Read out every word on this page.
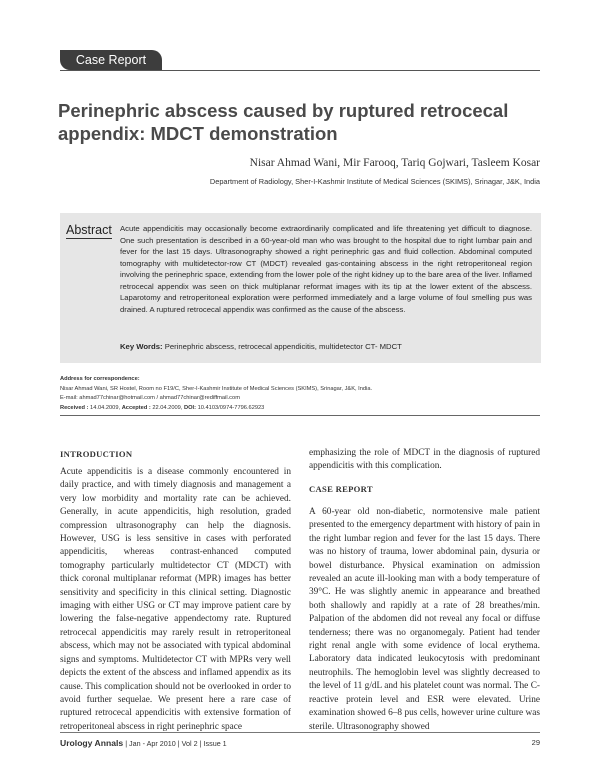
Case Report
Perinephric abscess caused by ruptured retrocecal appendix: MDCT demonstration
Nisar Ahmad Wani, Mir Farooq, Tariq Gojwari, Tasleem Kosar
Department of Radiology, Sher-I-Kashmir Institute of Medical Sciences (SKIMS), Srinagar, J&K, India
Abstract Acute appendicitis may occasionally become extraordinarily complicated and life threatening yet difficult to diagnose. One such presentation is described in a 60-year-old man who was brought to the hospital due to right lumbar pain and fever for the last 15 days. Ultrasonography showed a right perinephric gas and fluid collection. Abdominal computed tomography with multidetector-row CT (MDCT) revealed gas-containing abscess in the right retroperitoneal region involving the perinephric space, extending from the lower pole of the right kidney up to the bare area of the liver. Inflamed retrocecal appendix was seen on thick multiplanar reformat images with its tip at the lower extent of the abscess. Laparotomy and retroperitoneal exploration were performed immediately and a large volume of foul smelling pus was drained. A ruptured retrocecal appendix was confirmed as the cause of the abscess.

Key Words: Perinephric abscess, retrocecal appendicitis, multidetector CT- MDCT
Address for correspondence:
Nisar Ahmad Wani, SR Hostel, Room no F19/C, Sher-I-Kashmir Institute of Medical Sciences (SKIMS), Srinagar, J&K, India.
E-mail: ahmad77chinar@hotmail.com / ahmad77chinar@rediffmail.com
Received : 14.04.2009, Accepted : 22.04.2009, DOI: 10.4103/0974-7796.62923
INTRODUCTION

Acute appendicitis is a disease commonly encountered in daily practice, and with timely diagnosis and management a very low morbidity and mortality rate can be achieved. Generally, in acute appendicitis, high resolution, graded compression ultrasonography can help the diagnosis. However, USG is less sensitive in cases with perforated appendicitis, whereas contrast-enhanced computed tomography particularly multidetector CT (MDCT) with thick coronal multiplanar reformat (MPR) images has better sensitivity and specificity in this clinical setting. Diagnostic imaging with either USG or CT may improve patient care by lowering the false-negative appendectomy rate. Ruptured retrocecal appendicitis may rarely result in retroperitoneal abscess, which may not be associated with typical abdominal signs and symptoms. Multidetector CT with MPRs very well depicts the extent of the abscess and inflamed appendix as its cause. This complication should not be overlooked in order to avoid further sequelae. We present here a rare case of ruptured retrocecal appendicitis with extensive formation of retroperitoneal abscess in right perinephric space

emphasizing the role of MDCT in the diagnosis of ruptured appendicitis with this complication.

CASE REPORT

A 60-year old non-diabetic, normotensive male patient presented to the emergency department with history of pain in the right lumbar region and fever for the last 15 days. There was no history of trauma, lower abdominal pain, dysuria or bowel disturbance. Physical examination on admission revealed an acute ill-looking man with a body temperature of 39°C. He was slightly anemic in appearance and breathed both shallowly and rapidly at a rate of 28 breathes/min. Palpation of the abdomen did not reveal any focal or diffuse tenderness; there was no organomegaly. Patient had tender right renal angle with some evidence of local erythema. Laboratory data indicated leukocytosis with predominant neutrophils. The hemoglobin level was slightly decreased to the level of 11 g/dL and his platelet count was normal. The C-reactive protein level and ESR were elevated. Urine examination showed 6–8 pus cells, however urine culture was sterile. Ultrasonography showed

Urology Annals | Jan - Apr 2010 | Vol 2 | Issue 1	29
